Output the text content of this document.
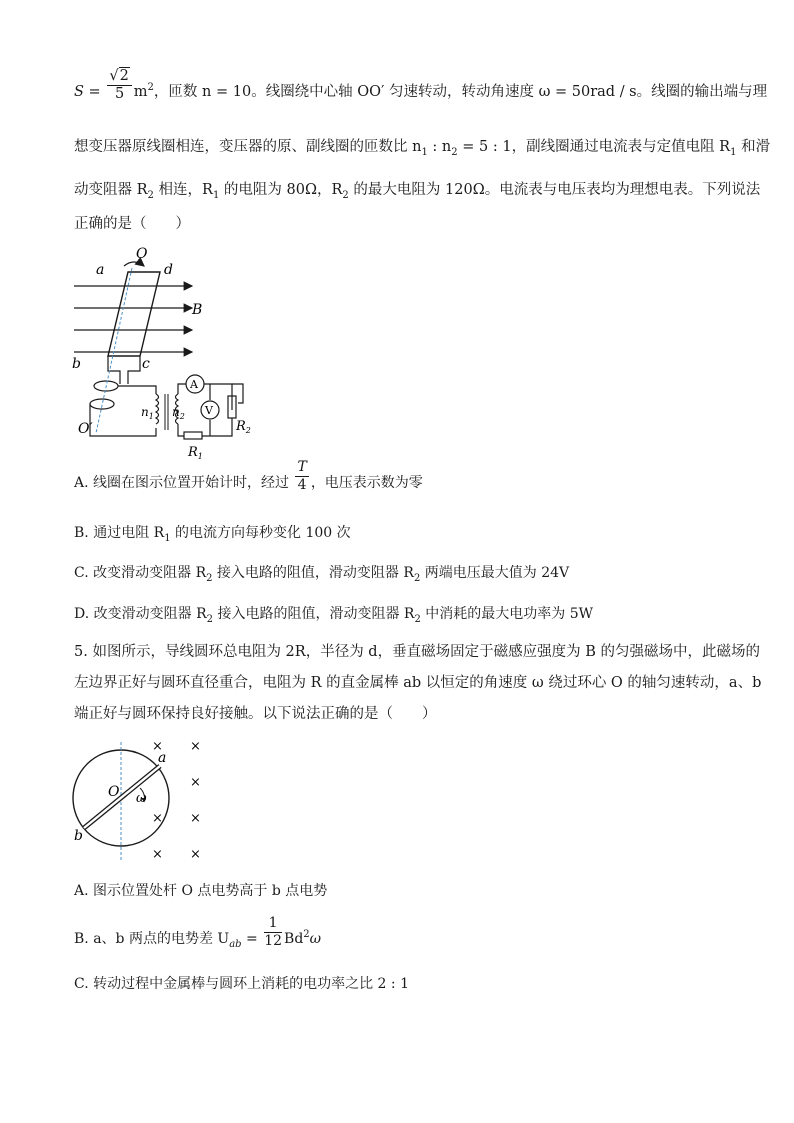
$S = \frac{√2}{5} m^2$，匝数 n = 10。线圈绕中心轴 OO′ 匀速转动，转动角速度 ω = 50rad / s。线圈的输出端与理
想变压器原线圈相连，变压器的原、副线圈的匝数比 $n_1$ : $n_2 = 5$ : 1，副线圈通过电流表与定值电阻 $R_1$ 和滑
动变阻器 $R_2$ 相连，$R_1$ 的电阻为 80Ω，$R_2$ 的最大电阻为 120Ω。电流表与电压表均为理想电表。下列说法
正确的是（　　）
O
a	d
B
b	c
O′
A
V
$n_1$ $n_2$
$R_1$
$R_2$
A. 线圈在图示位置开始计时，经过 $\frac{T}{4}$ ，电压表示数为零
B. 通过电阻 $R_1$ 的电流方向每秒变化 100 次
C. 改变滑动变阻器 $R_2$ 接入电路的阻值，滑动变阻器 $R_2$ 两端电压最大值为 24V
D. 改变滑动变阻器 $R_2$ 接入电路的阻值，滑动变阻器 $R_2$ 中消耗的最大电功率为 5W
5. 如图所示，导线圆环总电阻为 2R，半径为 d，垂直磁场固定于磁感应强度为 B 的匀强磁场中，此磁场的
左边界正好与圆环直径重合，电阻为 R 的直金属棒 ab 以恒定的角速度 ω 绕过环心 O 的轴匀速转动，a、b
端正好与圆环保持良好接触。以下说法正确的是（　　）
a
O ω
b
× ×
×
× ×
× ×
A. 图示位置处杆 O 点电势高于 b 点电势
B. a、b 两点的电势差 $U_{ab} = \frac{1}{12} Bd^2\omega$
C. 转动过程中金属棒与圆环上消耗的电功率之比 2 : 1
